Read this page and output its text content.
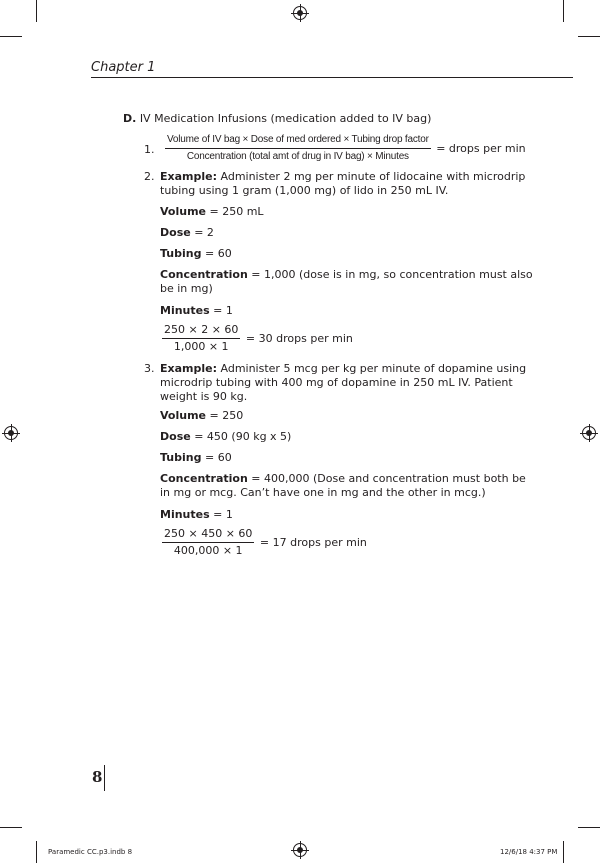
Chapter 1
D. IV Medication Infusions (medication added to IV bag)
1. $\frac{\text{Volume of IV bag × Dose of med ordered × Tubing drop factor}}{\text{Concentration (total amt of drug in IV bag) × Minutes}}$ = drops per min
2. Example: Administer 2 mg per minute of lidocaine with microdrip
tubing using 1 gram (1,000 mg) of lido in 250 mL IV.
Volume = 250 mL
Dose = 2
Tubing = 60
Concentration = 1,000 (dose is in mg, so concentration must also
be in mg)
Minutes = 1
$\frac{250 \times 2 \times 60}{1,000 \times 1} = 30$ drops per min
3. Example: Administer 5 mcg per kg per minute of dopamine using
microdrip tubing with 400 mg of dopamine in 250 mL IV. Patient
weight is 90 kg.
Volume = 250
Dose = 450 (90 kg x 5)
Tubing = 60
Concentration = 400,000 (Dose and concentration must both be
in mg or mcg. Can’t have one in mg and the other in mcg.)
Minutes = 1
$\frac{250 \times 450 \times 60}{400,000 \times 1} = 17$ drops per min
8
Paramedic CC.p3.indb 8	12/6/18 4:37 PM
